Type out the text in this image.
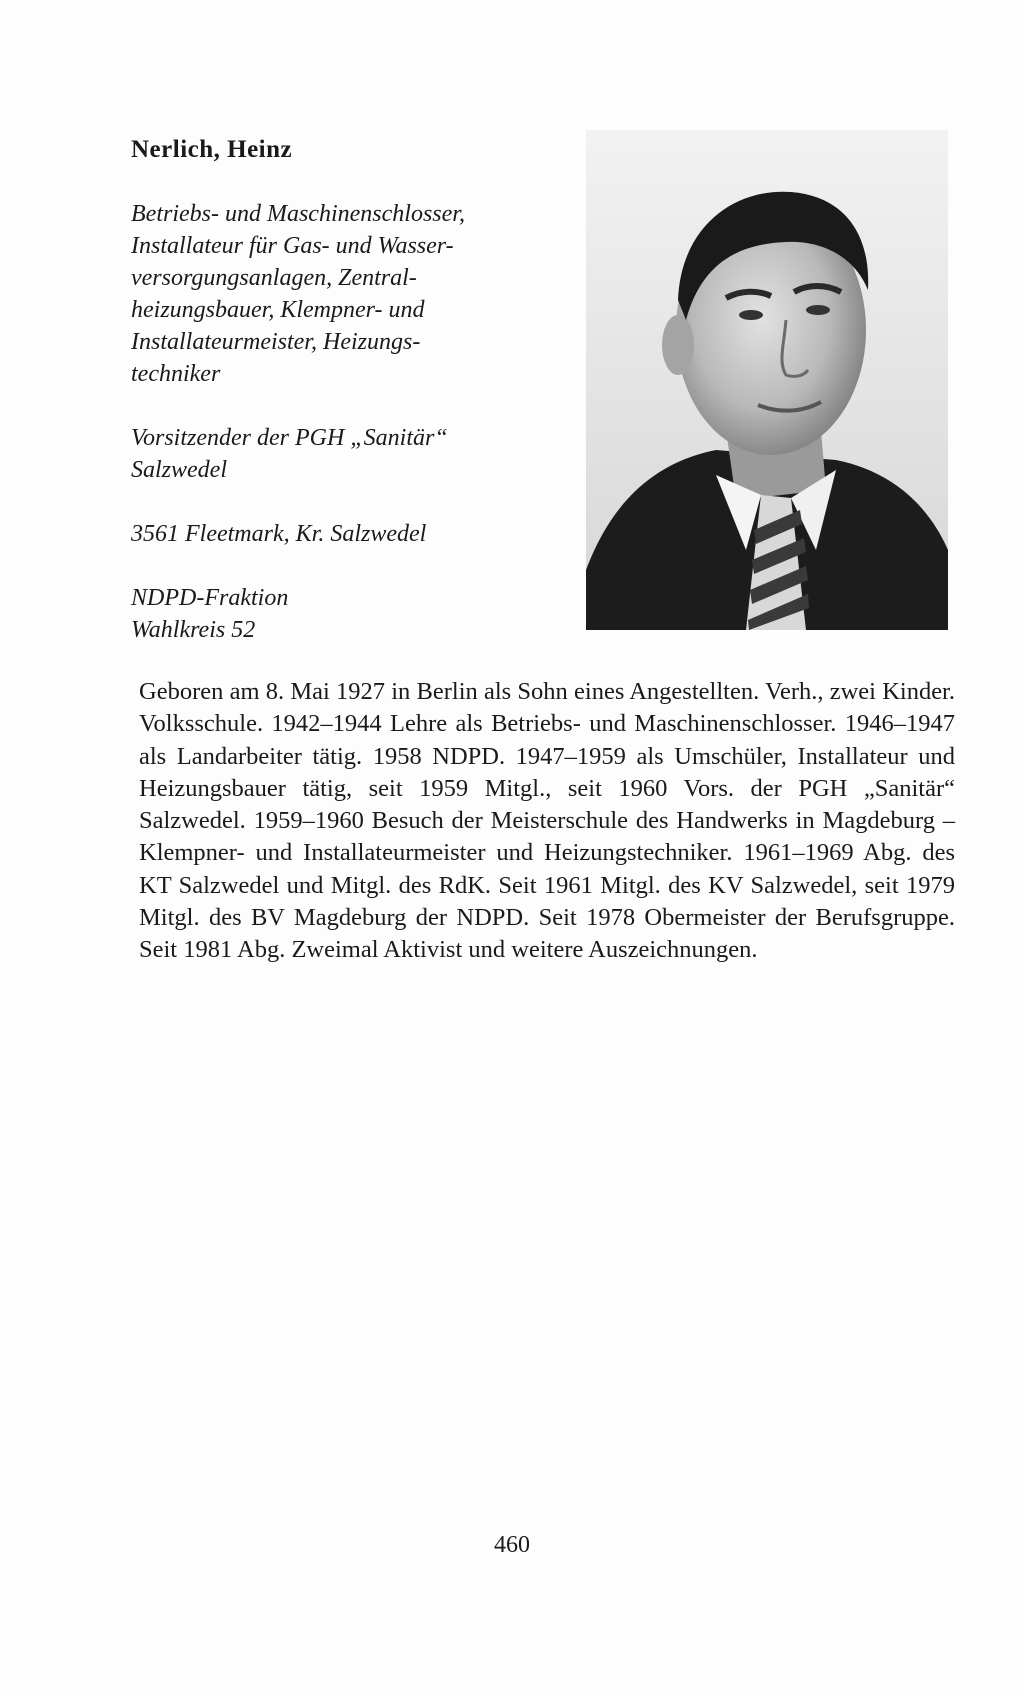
Nerlich, Heinz
Betriebs- und Maschinenschlosser,
Installateur für Gas- und Wasser-
versorgungsanlagen, Zentral-
heizungsbauer, Klempner- und
Installateurmeister, Heizungs-
techniker
Vorsitzender der PGH „Sanitär“
Salzwedel
3561 Fleetmark, Kr. Salzwedel
NDPD-Fraktion
Wahlkreis 52

Geboren am 8. Mai 1927 in Berlin als Sohn eines Angestellten. Verh., zwei Kinder. Volksschule. 1942–1944 Lehre als Betriebs- und Maschinenschlosser. 1946–1947 als Landarbeiter tätig. 1958 NDPD. 1947–1959 als Umschüler, Installateur und Heizungsbauer tätig, seit 1959 Mitgl., seit 1960 Vors. der PGH „Sanitär“ Salzwedel. 1959–1960 Besuch der Meisterschule des Handwerks in Magdeburg – Klempner- und Installateurmeister und Heizungstechniker. 1961–1969 Abg. des KT Salzwedel und Mitgl. des RdK. Seit 1961 Mitgl. des KV Salzwedel, seit 1979 Mitgl. des BV Magdeburg der NDPD. Seit 1978 Obermeister der Berufsgruppe. Seit 1981 Abg. Zweimal Aktivist und weitere Auszeichnungen.

460
